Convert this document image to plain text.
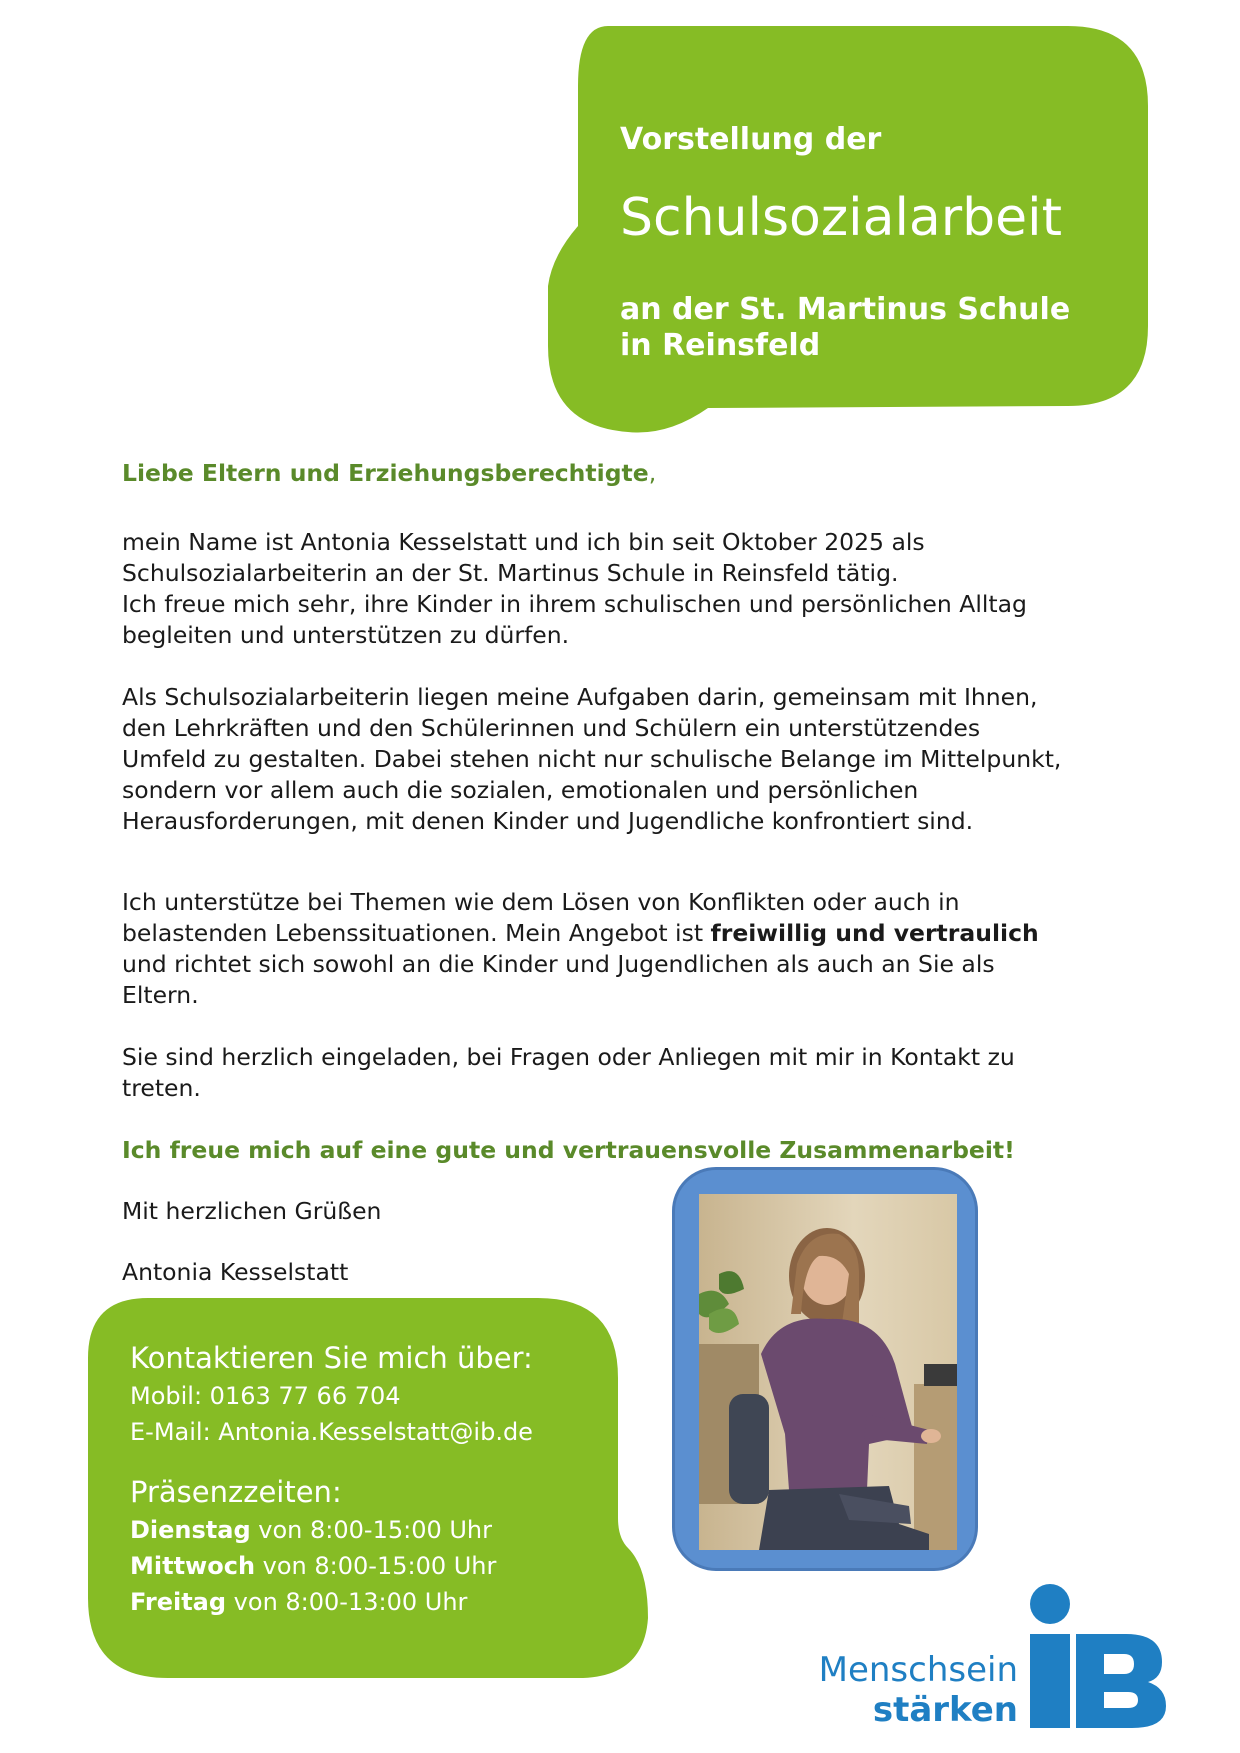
Vorstellung der
Schulsozialarbeit
an der St. Martinus Schule
in Reinsfeld

Liebe Eltern und Erziehungsberechtigte,

mein Name ist Antonia Kesselstatt und ich bin seit Oktober 2025 als
Schulsozialarbeiterin an der St. Martinus Schule in Reinsfeld tätig.
Ich freue mich sehr, ihre Kinder in ihrem schulischen und persönlichen Alltag
begleiten und unterstützen zu dürfen.

Als Schulsozialarbeiterin liegen meine Aufgaben darin, gemeinsam mit Ihnen,
den Lehrkräften und den Schülerinnen und Schülern ein unterstützendes
Umfeld zu gestalten. Dabei stehen nicht nur schulische Belange im Mittelpunkt,
sondern vor allem auch die sozialen, emotionalen und persönlichen
Herausforderungen, mit denen Kinder und Jugendliche konfrontiert sind.

Ich unterstütze bei Themen wie dem Lösen von Konflikten oder auch in
belastenden Lebenssituationen. Mein Angebot ist freiwillig und vertraulich
und richtet sich sowohl an die Kinder und Jugendlichen als auch an Sie als
Eltern.

Sie sind herzlich eingeladen, bei Fragen oder Anliegen mit mir in Kontakt zu
treten.

Ich freue mich auf eine gute und vertrauensvolle Zusammenarbeit!

Mit herzlichen Grüßen

Antonia Kesselstatt

Kontaktieren Sie mich über:
Mobil: 0163 77 66 704
E-Mail: Antonia.Kesselstatt@ib.de
Präsenzzeiten:
Dienstag von 8:00-15:00 Uhr
Mittwoch von 8:00-15:00 Uhr
Freitag von 8:00-13:00 Uhr
Menschsein
stärken
